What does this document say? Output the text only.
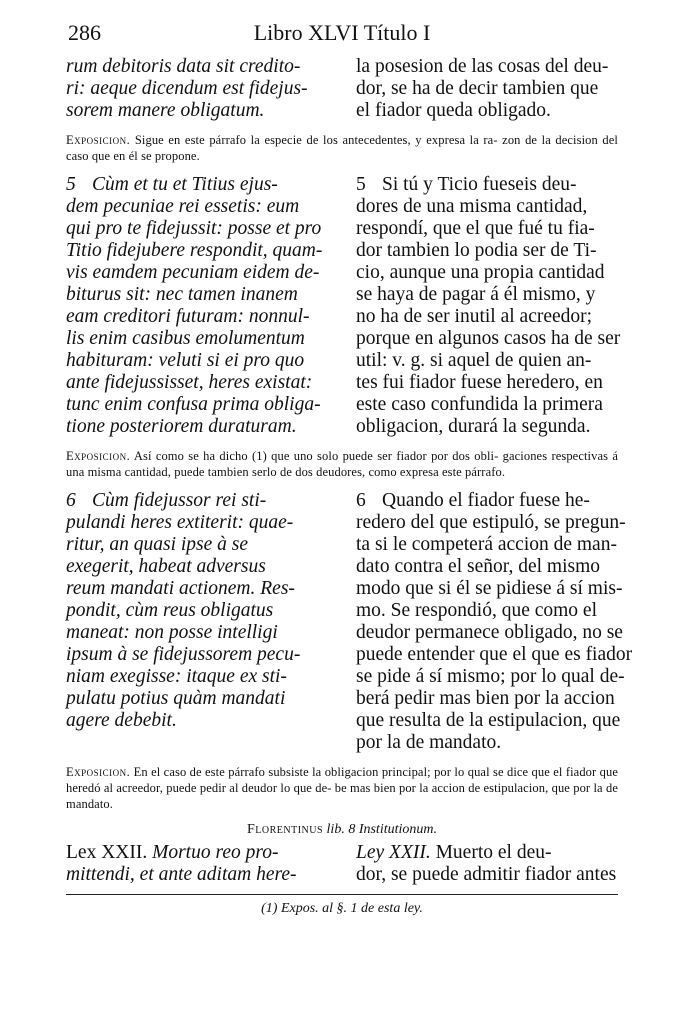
286	Libro XLVI Título I
rum debitoris data sit credito-
ri: aeque dicendum est fidejus-
sorem manere obligatum.
la posesion de las cosas del deu-
dor, se ha de decir tambien que
el fiador queda obligado.
Exposicion. Sigue en este párrafo la especie de los antecedentes, y expresa la ra- zon de la decision del caso que en él se propone.
5 Cùm et tu et Titius ejus-
dem pecuniae rei essetis: eum
qui pro te fidejussit: posse et pro
Titio fidejubere respondit, quam-
vis eamdem pecuniam eidem de-
biturus sit: nec tamen inanem
eam creditori futuram: nonnul-
lis enim casibus emolumentum
habituram: veluti si ei pro quo
ante fidejussisset, heres existat:
tunc enim confusa prima obliga-
tione posteriorem duraturam.
5 Si tú y Ticio fueseis deu-
dores de una misma cantidad,
respondí, que el que fué tu fia-
dor tambien lo podia ser de Ti-
cio, aunque una propia cantidad
se haya de pagar á él mismo, y
no ha de ser inutil al acreedor;
porque en algunos casos ha de ser
util: v. g. si aquel de quien an-
tes fui fiador fuese heredero, en
este caso confundida la primera
obligacion, durará la segunda.
Exposicion. Así como se ha dicho (1) que uno solo puede ser fiador por dos obli- gaciones respectivas á una misma cantidad, puede tambien serlo de dos deudores, como expresa este párrafo.
6 Cùm fidejussor rei sti-
pulandi heres extiterit: quae-
ritur, an quasi ipse à se
exegerit, habeat adversus
reum mandati actionem. Res-
pondit, cùm reus obligatus
maneat: non posse intelligi
ipsum à se fidejussorem pecu-
niam exegisse: itaque ex sti-
pulatu potius quàm mandati
agere debebit.
6 Quando el fiador fuese he-
redero del que estipuló, se pregun-
ta si le competerá accion de man-
dato contra el señor, del mismo
modo que si él se pidiese á sí mis-
mo. Se respondió, que como el
deudor permanece obligado, no se
puede entender que el que es fiador
se pide á sí mismo; por lo qual de-
berá pedir mas bien por la accion
que resulta de la estipulacion, que
por la de mandato.
Exposicion. En el caso de este párrafo subsiste la obligacion principal; por lo qual se dice que el fiador que heredó al acreedor, puede pedir al deudor lo que de- be mas bien por la accion de estipulacion, que por la de mandato.
Florentinus lib. 8 Institutionum.
Lex XXII. Mortuo reo pro-
mittendi, et ante aditam here-
Ley XXII. Muerto el deu-
dor, se puede admitir fiador antes
(1) Expos. al §. 1 de esta ley.
